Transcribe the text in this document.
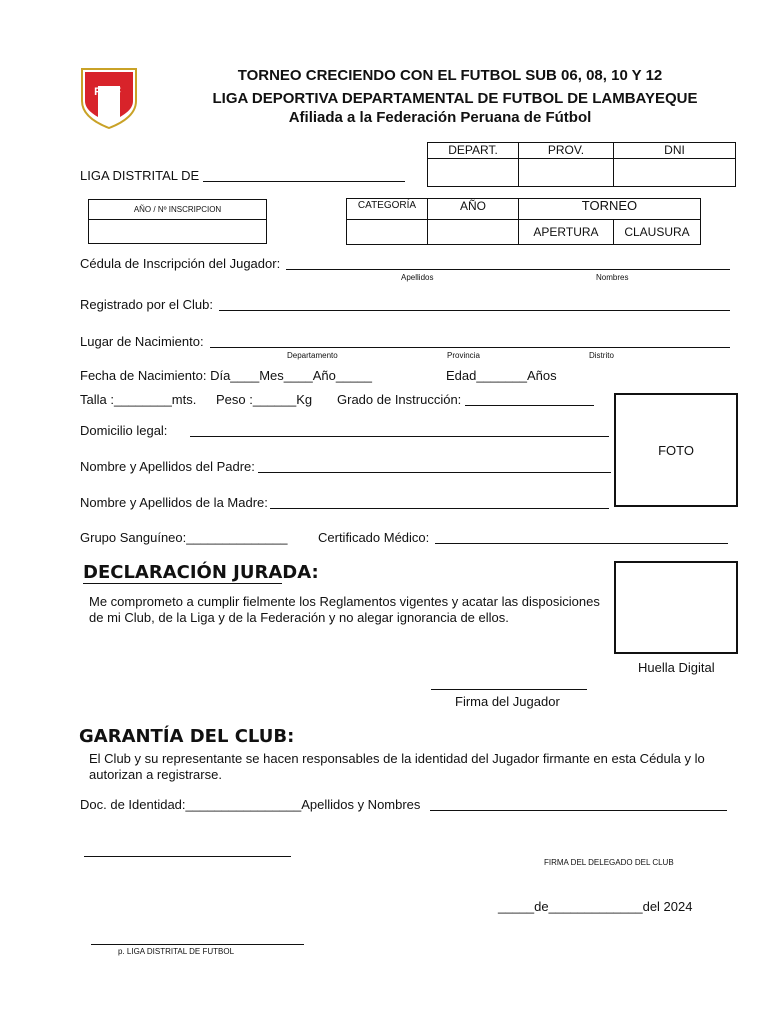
FPF
TORNEO CRECIENDO CON EL FUTBOL SUB 06, 08, 10 Y 12
LIGA DEPORTIVA DEPARTAMENTAL DE FUTBOL DE LAMBAYEQUE
Afiliada a la Federación Peruana de Fútbol
DEPART.	PROV.	DNI
LIGA DISTRITAL DE
AÑO / Nº INSCRIPCION	CATEGORÍA	AÑO	TORNEO
APERTURA	CLAUSURA
Cédula de Inscripción del Jugador:
Apellidos	Nombres
Registrado por el Club:
Lugar de Nacimiento:
Departamento	Provincia	Distrito
Fecha de Nacimiento: Día____Mes____Año_____	Edad_______Años
Talla :________mts. Peso :______Kg Grado de Instrucción:
FOTO
Domicilio legal:
Nombre y Apellidos del Padre:
Nombre y Apellidos de la Madre:
Grupo Sanguíneo:______________ Certificado Médico:
DECLARACIÓN JURADA:
Me comprometo a cumplir fielmente los Reglamentos vigentes y acatar las disposiciones de mi Club, de la Liga y de la Federación y no alegar ignorancia de ellos.
Huella Digital
Firma del Jugador
GARANTÍA DEL CLUB:
El Club y su representante se hacen responsables de la identidad del Jugador firmante en esta Cédula y lo autorizan a registrarse.
Doc. de Identidad:________________Apellidos y Nombres
FIRMA DEL DELEGADO DEL CLUB
_____de_____________del 2024
p. LIGA DISTRITAL DE FUTBOL
